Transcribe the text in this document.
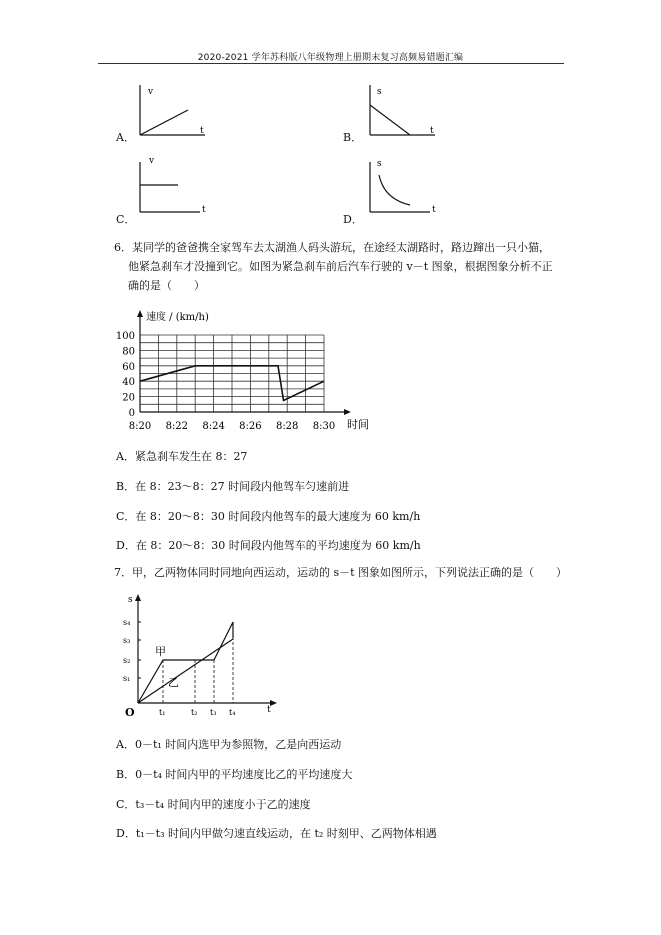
2020-2021 学年苏科版八年级物理上册期末复习高频易错题汇编
A．
v
t	B．
s
t
C．
v
t
D．
s
t
6．某同学的爸爸携全家驾车去太湖渔人码头游玩，在途经太湖路时，路边蹿出一只小猫，
他紧急刹车才没撞到它。如图为紧急刹车前后汽车行驶的 v－t 图象，根据图象分析不正
确的是（　　）
0
20
40
60
80
100
8:20 8:22 8:24 8:26 8:28 8:30
速度 / (km/h)
时间
A．紧急刹车发生在 8：27
B．在 8：23～8：27 时间段内他驾车匀速前进
C．在 8：20～8：30 时间段内他驾车的最大速度为 60 km/h
D．在 8：20～8：30 时间段内他驾车的平均速度为 60 km/h
7．甲，乙两物体同时同地向西运动，运动的 s－t 图象如图所示，下列说法正确的是（　　）
s
t
O
s₁
s₂
s₃
s₄
t₁	t₂ t₃ t₄
甲
乙
A．0－t₁ 时间内选甲为参照物，乙是向西运动
B．0－t₄ 时间内甲的平均速度比乙的平均速度大
C．t₃－t₄ 时间内甲的速度小于乙的速度
D．t₁－t₃ 时间内甲做匀速直线运动，在 t₂ 时刻甲、乙两物体相遇
